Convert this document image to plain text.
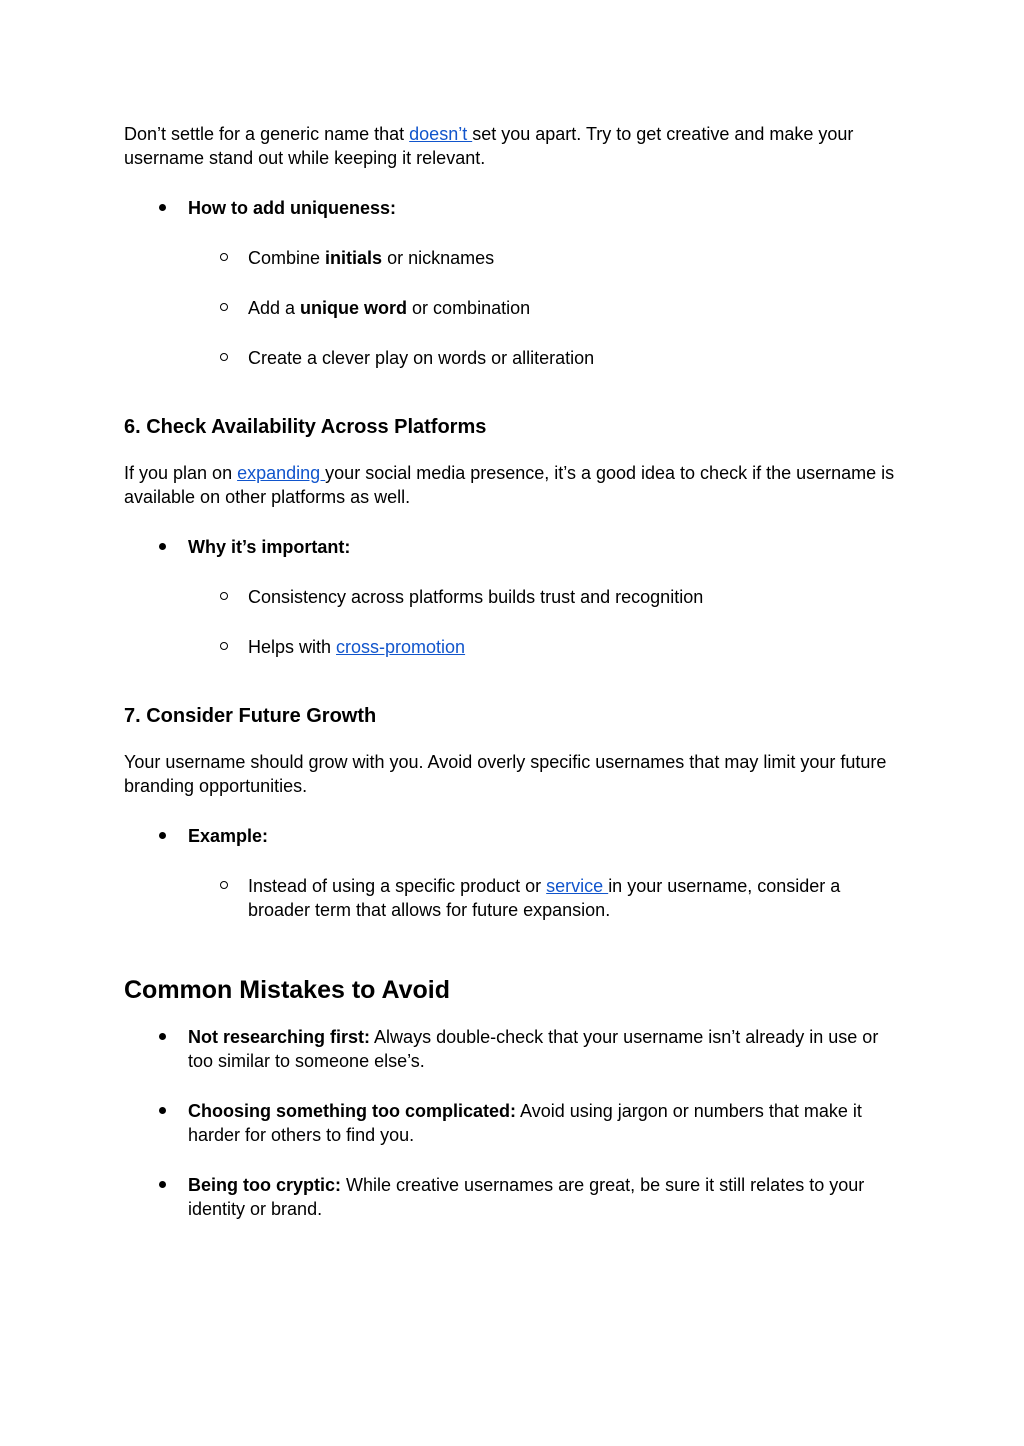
Don’t settle for a generic name that doesn’t set you apart. Try to get creative and make your username stand out while keeping it relevant.

How to add uniqueness:
Combine initials or nicknames
Add a unique word or combination
Create a clever play on words or alliteration
6. Check Availability Across Platforms

If you plan on expanding your social media presence, it’s a good idea to check if the username is available on other platforms as well.

Why it’s important:
Consistency across platforms builds trust and recognition
Helps with cross-promotion
7. Consider Future Growth

Your username should grow with you. Avoid overly specific usernames that may limit your future branding opportunities.

Example:
Instead of using a specific product or service in your username, consider a broader term that allows for future expansion.
Common Mistakes to Avoid
Not researching first: Always double-check that your username isn’t already in use or too similar to someone else’s.
Choosing something too complicated: Avoid using jargon or numbers that make it harder for others to find you.
Being too cryptic: While creative usernames are great, be sure it still relates to your identity or brand.
